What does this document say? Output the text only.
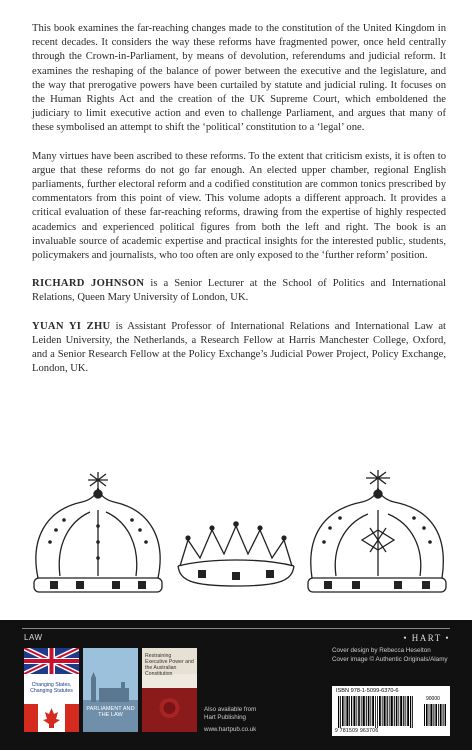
This book examines the far-reaching changes made to the constitution of the United Kingdom in recent decades. It considers the way these reforms have fragmented power, once held centrally through the Crown-in-Parliament, by means of devolution, referendums and judicial reform. It examines the reshaping of the balance of power between the executive and the legislature, and the way that prerogative powers have been curtailed by statute and judicial ruling. It focuses on the Human Rights Act and the creation of the UK Supreme Court, which emboldened the judiciary to limit executive action and even to challenge Parliament, and argues that many of these symbolised an attempt to shift the ‘political’ constitution to a ‘legal’ one.

Many virtues have been ascribed to these reforms. To the extent that criticism exists, it is often to argue that these reforms do not go far enough. An elected upper chamber, regional English parliaments, further electoral reform and a codified constitution are common tonics prescribed by commentators from this point of view. This volume adopts a different approach. It provides a critical evaluation of these far-reaching reforms, drawing from the expertise of highly respected academics and experienced political figures from both the left and right. The book is an invaluable source of academic expertise and practical insights for the interested public, students, policymakers and journalists, who too often are only exposed to the ‘further reform’ position.

RICHARD JOHNSON is a Senior Lecturer at the School of Politics and International Relations, Queen Mary University of London, UK.

YUAN YI ZHU is Assistant Professor of International Relations and International Law at Leiden University, the Netherlands, a Research Fellow at Harris Manchester College, Oxford, and a Senior Research Fellow at the Policy Exchange’s Judicial Power Project, Policy Exchange, London, UK.

LAW	• HART •
Changing States, Changing Statutes
PARLIAMENT AND THE LAW
Restraining Executive Power and the Australian Constitution
Also available from
Hart Publishing
www.hartpub.co.uk
Cover design by Rebecca Heselton
Cover image © Authentic Originals/Alamy
ISBN 978-1-5099-6370-6
90000
9 781509 963706
